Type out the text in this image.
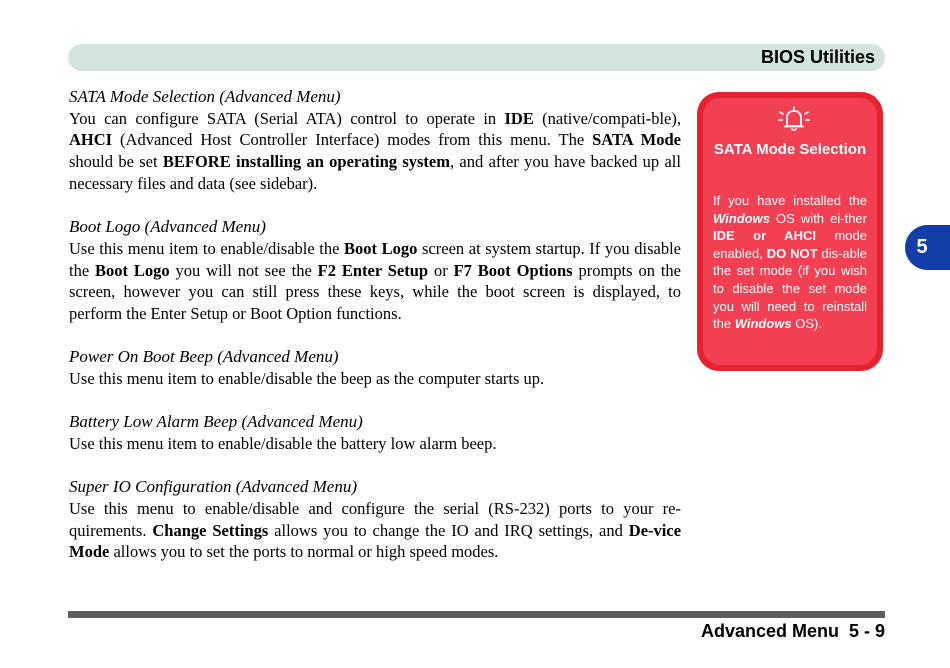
BIOS Utilities
SATA Mode Selection (Advanced Menu)

You can configure SATA (Serial ATA) control to operate in IDE (native/compati-ble), AHCI (Advanced Host Controller Interface) modes from this menu. The SATA Mode should be set BEFORE installing an operating system, and after you have backed up all necessary files and data (see sidebar).

Boot Logo (Advanced Menu)

Use this menu item to enable/disable the Boot Logo screen at system startup. If you disable the Boot Logo you will not see the F2 Enter Setup or F7 Boot Options prompts on the screen, however you can still press these keys, while the boot screen is displayed, to perform the Enter Setup or Boot Option functions.

Power On Boot Beep (Advanced Menu)

Use this menu item to enable/disable the beep as the computer starts up.

Battery Low Alarm Beep (Advanced Menu)

Use this menu item to enable/disable the battery low alarm beep.

Super IO Configuration (Advanced Menu)

Use this menu to enable/disable and configure the serial (RS-232) ports to your re-quirements. Change Settings allows you to change the IO and IRQ settings, and De-vice Mode allows you to set the ports to normal or high speed modes.

SATA Mode Selection
If you have installed the Windows OS with ei-ther IDE or AHCI mode enabled, DO NOT dis-able the set mode (if you wish to disable the set mode you will need to reinstall the Windows OS).
5
Advanced Menu  5 - 9
